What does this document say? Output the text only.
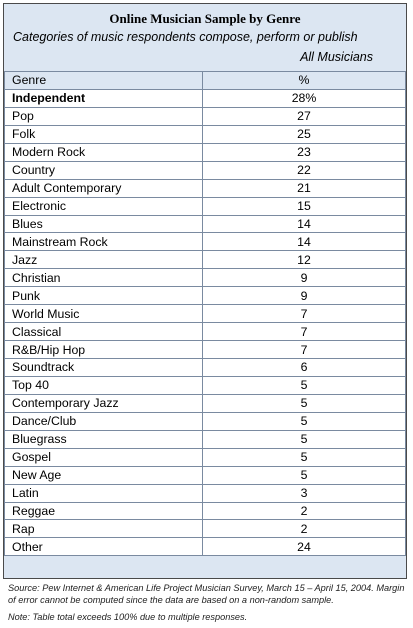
Online Musician Sample by Genre
Categories of music respondents compose, perform or publish
All Musicians
Genre	%
Independent	28%
Pop	27
Folk	25
Modern Rock	23
Country	22
Adult Contemporary	21
Electronic	15
Blues	14
Mainstream Rock	14
Jazz	12
Christian	9
Punk	9
World Music	7
Classical	7
R&B/Hip Hop	7
Soundtrack	6
Top 40	5
Contemporary Jazz	5
Dance/Club	5
Bluegrass	5
Gospel	5
New Age	5
Latin	3
Reggae	2
Rap	2
Other	24
Source: Pew Internet & American Life Project Musician Survey, March 15 – April 15, 2004. Margin of error cannot be computed since the data are based on a non-random sample.
Note: Table total exceeds 100% due to multiple responses.
